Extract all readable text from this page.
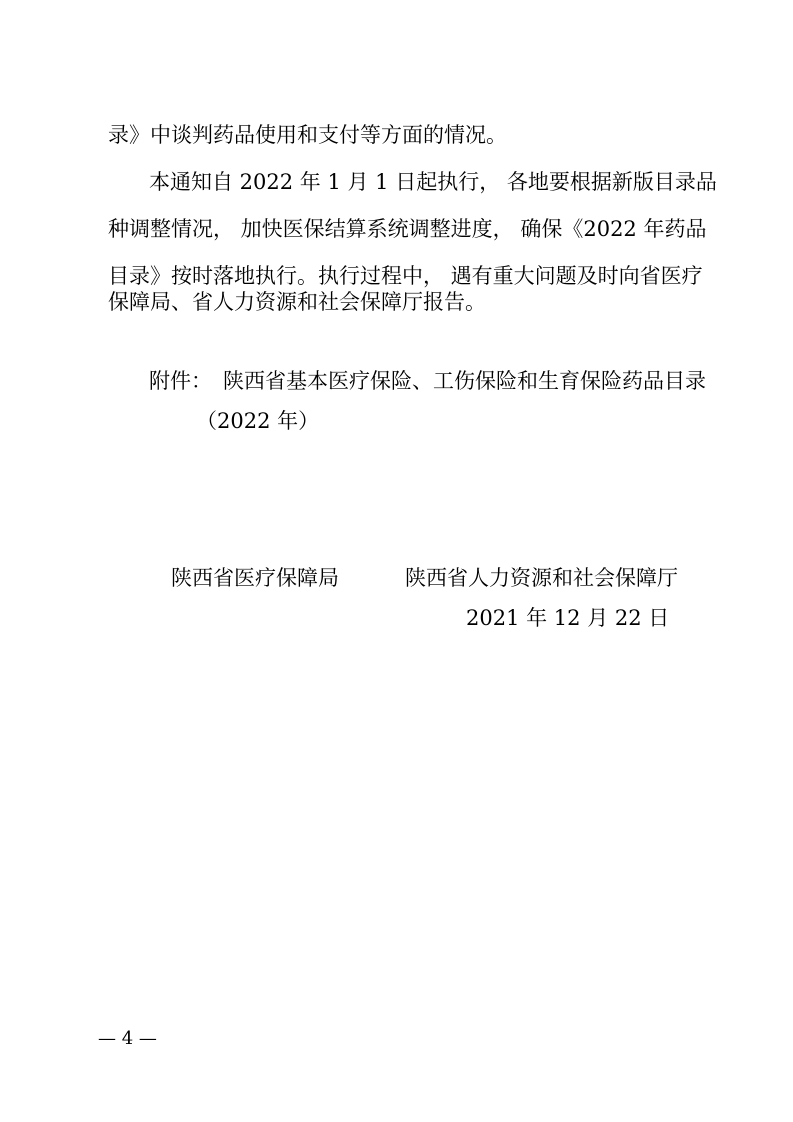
录》中谈判药品使用和支付等方面的情况。

本通知自 2022 年 1 月 1 日起执行， 各地要根据新版目录品

种调整情况， 加快医保结算系统调整进度， 确保《2022 年药品

目录》按时落地执行。执行过程中， 遇有重大问题及时向省医疗

保障局、省人力资源和社会保障厅报告。

附件： 陕西省基本医疗保险、工伤保险和生育保险药品目录

（2022 年）

陕西省医疗保障局	陕西省人力资源和社会保障厅

2021 年 12 月 22 日

— 4 —
